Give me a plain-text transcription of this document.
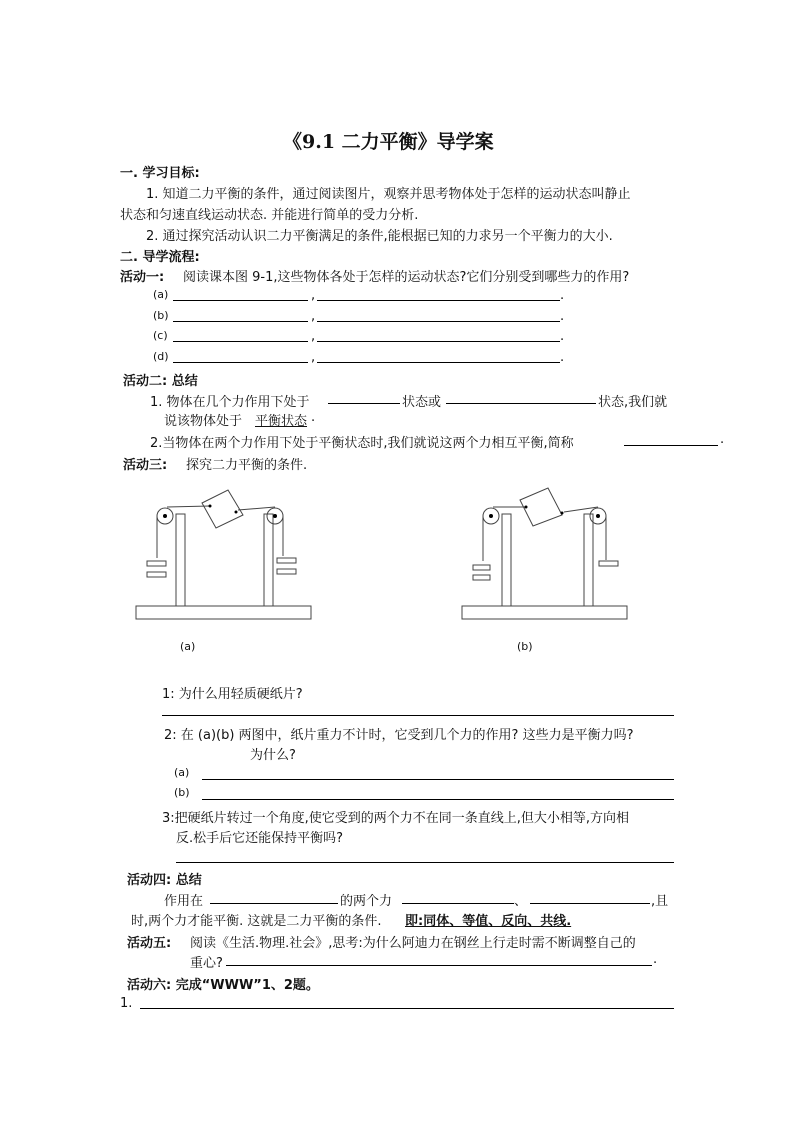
《9.1 二力平衡》导学案
一. 学习目标:
1. 知道二力平衡的条件，通过阅读图片，观察并思考物体处于怎样的运动状态叫静止
状态和匀速直线运动状态. 并能进行简单的受力分析.
2. 通过探究活动认识二力平衡满足的条件,能根据已知的力求另一个平衡力的大小.
二. 导学流程:
活动一: 阅读课本图 9-1,这些物体各处于怎样的运动状态?它们分别受到哪些力的作用?
(a)	,	.
(b)	,	.
(c)	,	.
(d)	,	.
活动二: 总结
1. 物体在几个力作用下处于	状态或	状态,我们就
说该物体处于 平衡状态 .
2.当物体在两个力作用下处于平衡状态时,我们就说这两个力相互平衡,简称	.
活动三: 探究二力平衡的条件.
(a)	(b)
1: 为什么用轻质硬纸片?
2: 在 (a)(b) 两图中，纸片重力不计时，它受到几个力的作用? 这些力是平衡力吗?
为什么?
(a)
(b)
3:把硬纸片转过一个角度,使它受到的两个力不在同一条直线上,但大小相等,方向相
反.松手后它还能保持平衡吗?
活动四: 总结
作用在	的两个力	、	,且
时,两个力才能平衡. 这就是二力平衡的条件. 即:同体、等值、反向、共线.
活动五: 阅读《生活.物理.社会》,思考:为什么阿迪力在钢丝上行走时需不断调整自己的
重心?	.
活动六: 完成“WWW”1、2题。
1.
